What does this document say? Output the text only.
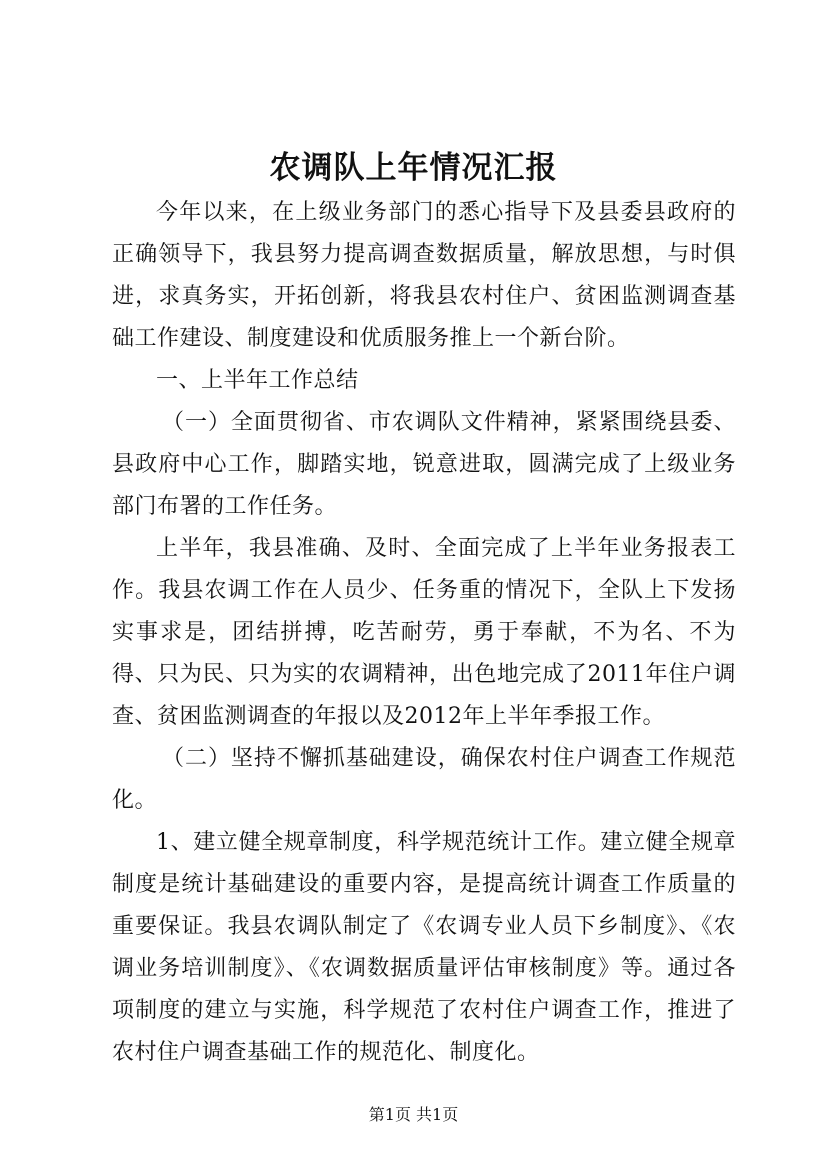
农调队上年情况汇报

今年以来，在上级业务部门的悉心指导下及县委县政府的正确领导下，我县努力提高调查数据质量，解放思想，与时俱进，求真务实，开拓创新，将我县农村住户、贫困监测调查基础工作建设、制度建设和优质服务推上一个新台阶。

一、上半年工作总结

（一）全面贯彻省、市农调队文件精神，紧紧围绕县委、县政府中心工作，脚踏实地，锐意进取，圆满完成了上级业务部门布署的工作任务。

上半年，我县准确、及时、全面完成了上半年业务报表工作。我县农调工作在人员少、任务重的情况下，全队上下发扬实事求是，团结拼搏，吃苦耐劳，勇于奉献，不为名、不为得、只为民、只为实的农调精神，出色地完成了2011年住户调查、贫困监测调查的年报以及2012年上半年季报工作。

（二）坚持不懈抓基础建设，确保农村住户调查工作规范化。

1、建立健全规章制度，科学规范统计工作。建立健全规章制度是统计基础建设的重要内容，是提高统计调查工作质量的重要保证。我县农调队制定了《农调专业人员下乡制度》、《农调业务培训制度》、《农调数据质量评估审核制度》等。通过各项制度的建立与实施，科学规范了农村住户调查工作，推进了农村住户调查基础工作的规范化、制度化。

第1页 共1页
